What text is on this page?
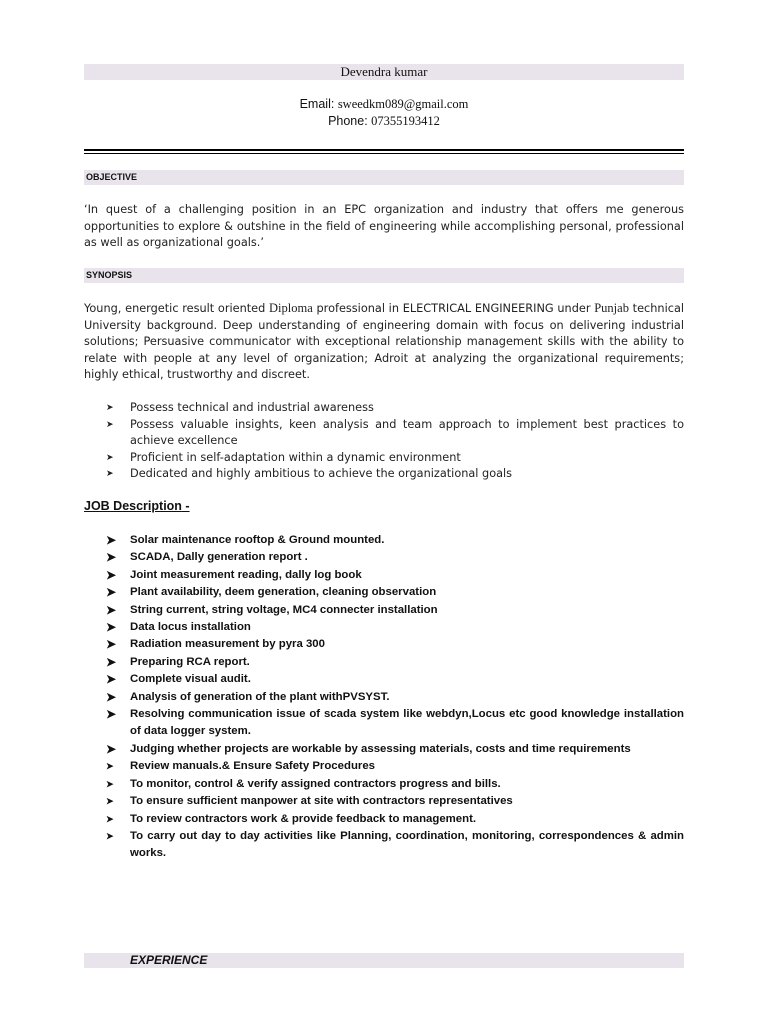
Devendra kumar
Email: sweedkm089@gmail.com
Phone: 07355193412
OBJECTIVE
‘In quest of a challenging position in an EPC organization and industry that offers me generous opportunities to explore & outshine in the field of engineering while accomplishing personal, professional as well as organizational goals.’
SYNOPSIS
Young, energetic result oriented Diploma professional in ELECTRICAL ENGINEERING under Punjab technical University background. Deep understanding of engineering domain with focus on delivering industrial solutions; Persuasive communicator with exceptional relationship management skills with the ability to relate with people at any level of organization; Adroit at analyzing the organizational requirements; highly ethical, trustworthy and discreet.
➤ Possess technical and industrial awareness
➤ Possess valuable insights, keen analysis and team approach to implement best practices to achieve excellence
➤ Proficient in self-adaptation within a dynamic environment
➤ Dedicated and highly ambitious to achieve the organizational goals
JOB Description -
➤ Solar maintenance rooftop & Ground mounted.
➤ SCADA, Dally generation report .
➤ Joint measurement reading, dally log book
➤ Plant availability, deem generation, cleaning observation
➤ String current, string voltage, MC4 connecter installation
➤ Data locus installation
➤ Radiation measurement by pyra 300
➤ Preparing RCA report.
➤ Complete visual audit.
➤ Analysis of generation of the plant withPVSYST.
➤ Resolving communication issue of scada system like webdyn,Locus etc good knowledge installation of data logger system.
➤ Judging whether projects are workable by assessing materials, costs and time requirements
➤ Review manuals.& Ensure Safety Procedures
➤ To monitor, control & verify assigned contractors progress and bills.
➤ To ensure sufficient manpower at site with contractors representatives
➤ To review contractors work & provide feedback to management.
➤ To carry out day to day activities like Planning, coordination, monitoring, correspondences & admin works.
EXPERIENCE
